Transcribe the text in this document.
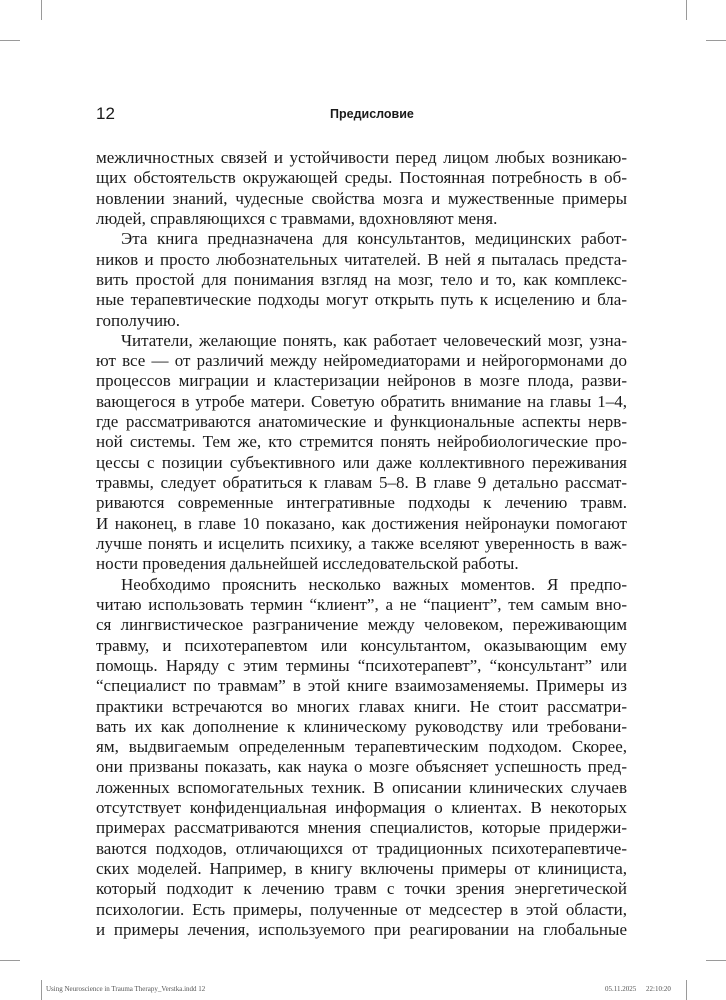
12	Предисловие
межличностных связей и устойчивости перед лицом любых возникаю-
щих обстоятельств окружающей среды. Постоянная потребность в об-
новлении знаний, чудесные свойства мозга и мужественные примеры
людей, справляющихся с травмами, вдохновляют меня.
Эта книга предназначена для консультантов, медицинских работ-
ников и просто любознательных читателей. В ней я пыталась предста-
вить простой для понимания взгляд на мозг, тело и то, как комплекс-
ные терапевтические подходы могут открыть путь к исцелению и бла-
гополучию.
Читатели, желающие понять, как работает человеческий мозг, узна-
ют все — от различий между нейромедиаторами и нейрогормонами до
процессов миграции и кластеризации нейронов в мозге плода, разви-
вающегося в утробе матери. Советую обратить внимание на главы 1–4,
где рассматриваются анатомические и функциональные аспекты нерв-
ной системы. Тем же, кто стремится понять нейробиологические про-
цессы с позиции субъективного или даже коллективного переживания
травмы, следует обратиться к главам 5–8. В главе 9 детально рассмат-
риваются современные интегративные подходы к лечению травм.
И наконец, в главе 10 показано, как достижения нейронауки помогают
лучше понять и исцелить психику, а также вселяют уверенность в важ-
ности проведения дальнейшей исследовательской работы.
Необходимо прояснить несколько важных моментов. Я предпо-
читаю использовать термин “клиент”, а не “пациент”, тем самым вно-
ся лингвистическое разграничение между человеком, переживающим
травму, и психотерапевтом или консультантом, оказывающим ему
помощь. Наряду с этим термины “психотерапевт”, “консультант” или
“специалист по травмам” в этой книге взаимозаменяемы. Примеры из
практики встречаются во многих главах книги. Не стоит рассматри-
вать их как дополнение к клиническому руководству или требовани-
ям, выдвигаемым определенным терапевтическим подходом. Скорее,
они призваны показать, как наука о мозге объясняет успешность пред-
ложенных вспомогательных техник. В описании клинических случаев
отсутствует конфиденциальная информация о клиентах. В некоторых
примерах рассматриваются мнения специалистов, которые придержи-
ваются подходов, отличающихся от традиционных психотерапевтиче-
ских моделей. Например, в книгу включены примеры от клинициста,
который подходит к лечению травм с точки зрения энергетической
психологии. Есть примеры, полученные от медсестер в этой области,
и примеры лечения, используемого при реагировании на глобальные
Using Neuroscience in Trauma Therapy_Verstka.indd 12	05.11.2025 22:10:20
